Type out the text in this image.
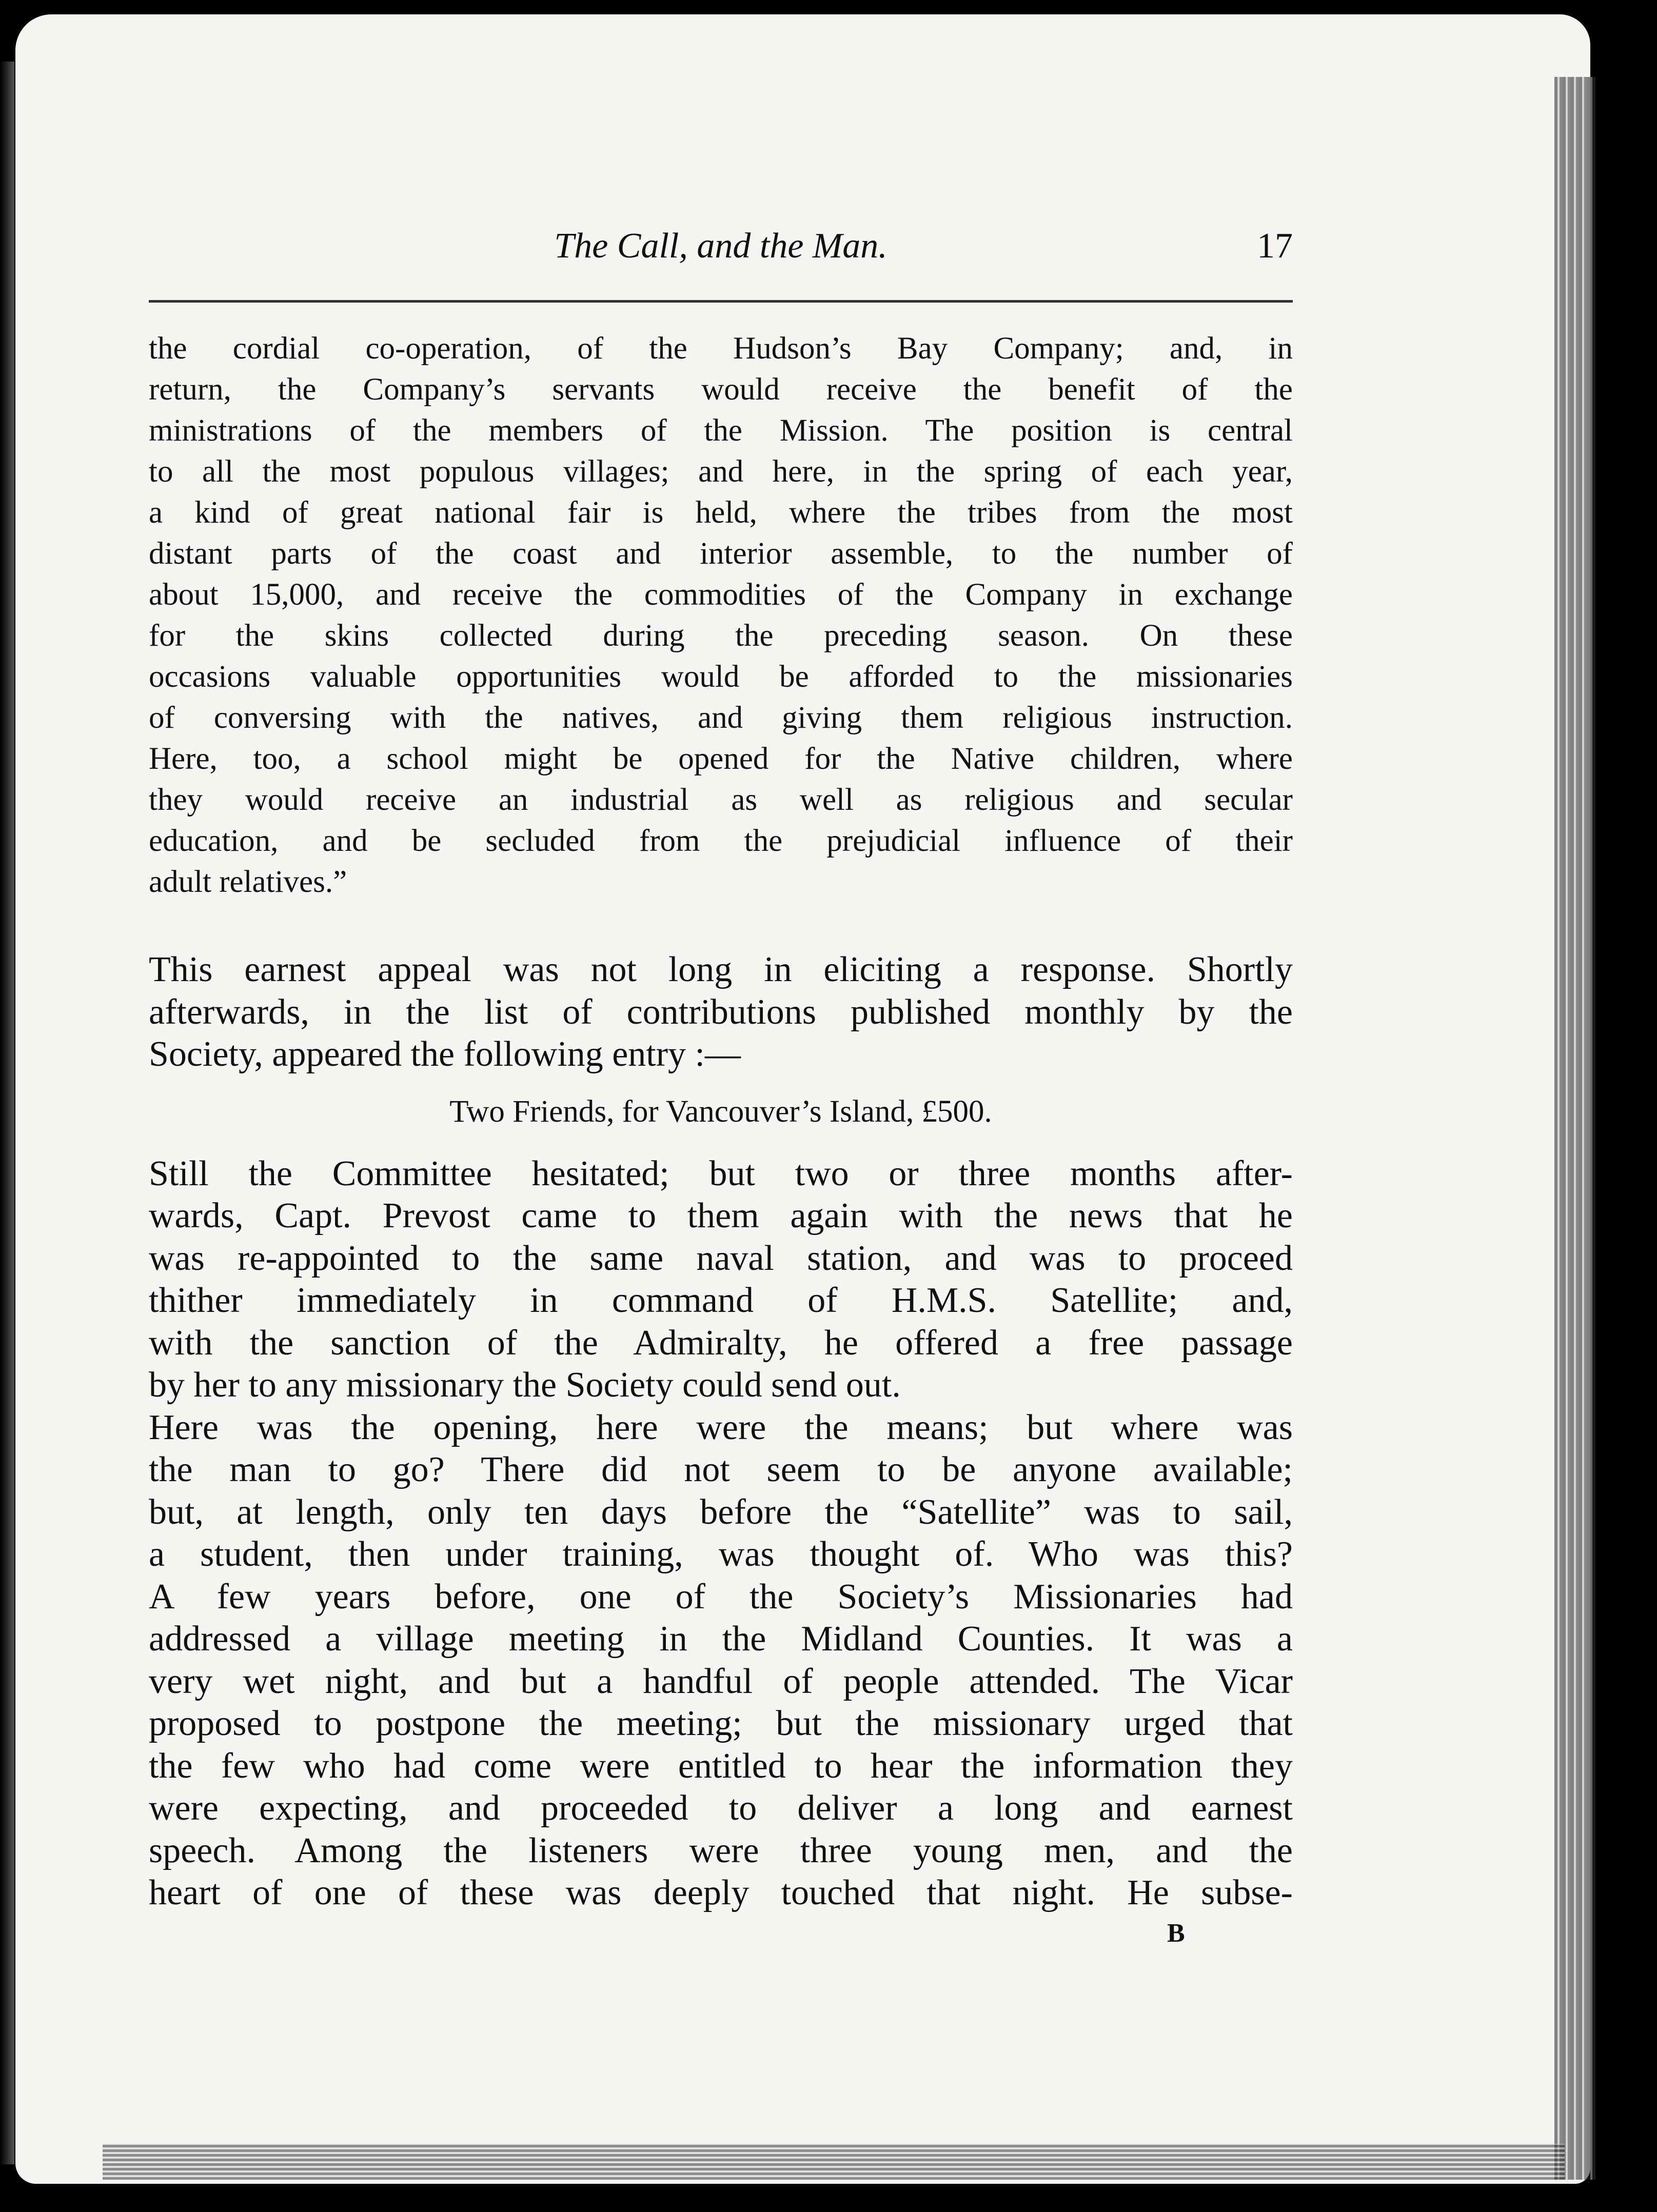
The Call, and the Man.	17
the cordial co-operation, of the Hudson’s Bay Company; and, in
return, the Company’s servants would receive the benefit of the
ministrations of the members of the Mission. The position is central
to all the most populous villages; and here, in the spring of each year,
a kind of great national fair is held, where the tribes from the most
distant parts of the coast and interior assemble, to the number of
about 15,000, and receive the commodities of the Company in exchange
for the skins collected during the preceding season. On these
occasions valuable opportunities would be afforded to the missionaries
of conversing with the natives, and giving them religious instruction.
Here, too, a school might be opened for the Native children, where
they would receive an industrial as well as religious and secular
education, and be secluded from the prejudicial influence of their
adult relatives.”
This earnest appeal was not long in eliciting a response. Shortly
afterwards, in the list of contributions published monthly by the
Society, appeared the following entry :—
Two Friends, for Vancouver’s Island, £500.
Still the Committee hesitated; but two or three months after-
wards, Capt. Prevost came to them again with the news that he
was re-appointed to the same naval station, and was to proceed
thither immediately in command of H.M.S. Satellite; and,
with the sanction of the Admiralty, he offered a free passage
by her to any missionary the Society could send out.
Here was the opening, here were the means; but where was
the man to go? There did not seem to be anyone available;
but, at length, only ten days before the “Satellite” was to sail,
a student, then under training, was thought of. Who was this?
A few years before, one of the Society’s Missionaries had
addressed a village meeting in the Midland Counties. It was a
very wet night, and but a handful of people attended. The Vicar
proposed to postpone the meeting; but the missionary urged that
the few who had come were entitled to hear the information they
were expecting, and proceeded to deliver a long and earnest
speech. Among the listeners were three young men, and the
heart of one of these was deeply touched that night. He subse-
B
